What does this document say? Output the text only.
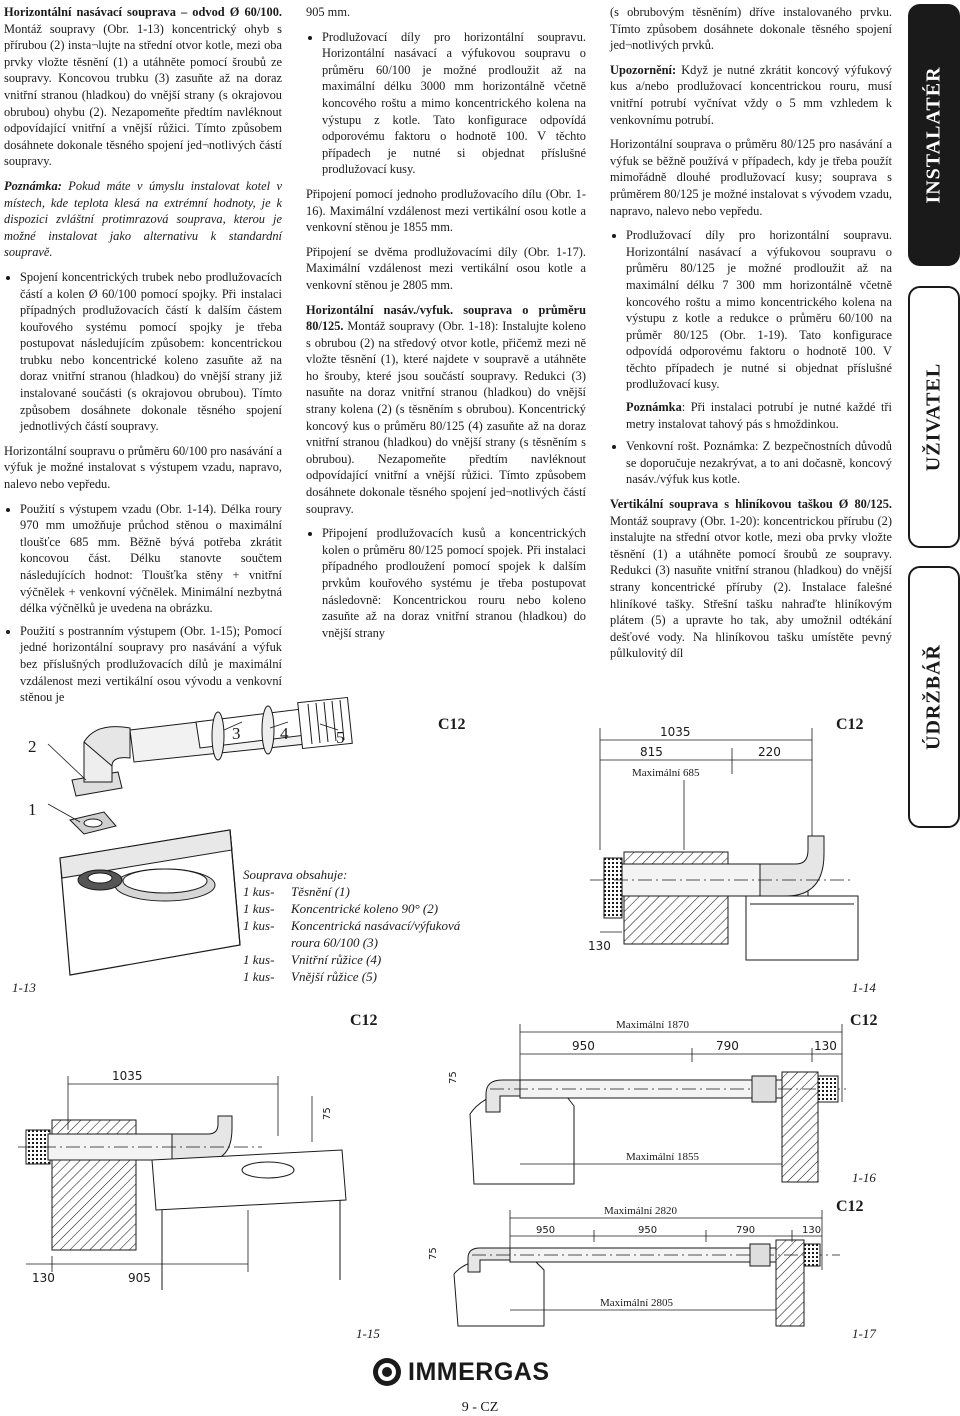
Horizontální nasávací souprava – odvod Ø 60/100. Montáž soupravy (Obr. 1-13) koncentrický ohyb s přírubou (2) insta¬lujte na střední otvor kotle, mezi oba prvky vložte těsnění (1) a utáhněte pomocí šroubů ze soupravy. Koncovou trubku (3) zasuňte až na doraz vnitřní stranou (hladkou) do vnější strany (s okrajovou obrubou) ohybu (2). Nezapomeňte předtím navléknout odpovídající vnitřní a vnější růžici. Tímto způsobem dosáhnete dokonale těsného spojení jed¬notlivých částí soupravy.

Poznámka: Pokud máte v úmyslu instalovat kotel v místech, kde teplota klesá na extrémní hodnoty, je k dispozici zvláštní protimrazová souprava, kterou je možné instalovat jako alternativu k standardní soupravě.

• Spojení koncentrických trubek nebo prodlužovacích částí a kolen Ø 60/100 pomocí spojky. Při instalaci případných prodlužovacích částí k dalším částem kouřového systému pomocí spojky je třeba postupovat následujícím způsobem: koncentrickou trubku nebo koncentrické koleno zasuňte až na doraz vnitřní stranou (hladkou) do vnější strany již instalované součásti (s okrajovou obrubou). Tímto způsobem dosáhnete dokonale těsného spojení jednotlivých částí soupravy.

Horizontální soupravu o průměru 60/100 pro nasávání a výfuk je možné instalovat s výstupem vzadu, napravo, nalevo nebo vepředu.

• Použití s výstupem vzadu (Obr. 1-14). Délka roury 970 mm umožňuje průchod stěnou o maximální tloušťce 685 mm. Běžně bývá potřeba zkrátit koncovou část. Délku stanovte součtem následujících hodnot: Tloušťka stěny + vnitřní výčnělek + venkovní výčnělek. Minimální nezbytná délka výčnělků je uvedena na obrázku.
• Použití s postranním výstupem (Obr. 1-15); Pomocí jedné horizontální soupravy pro nasávání a výfuk bez příslušných prodlužovacích dílů je maximální vzdálenost mezi vertikální osou vývodu a venkovní stěnou je

905 mm.

• Prodlužovací díly pro horizontální soupravu. Horizontální nasávací a výfukovou soupravu o průměru 60/100 je možné prodloužit až na maximální délku 3000 mm horizontálně včetně koncového roštu a mimo koncentrického kolena na výstupu z kotle. Tato konfigurace odpovídá odporovému faktoru o hodnotě 100. V těchto případech je nutné si objednat příslušné prodlužovací kusy.

Připojení pomocí jednoho prodlužovacího dílu (Obr. 1-16). Maximální vzdálenost mezi vertikální osou kotle a venkovní stěnou je 1855 mm.

Připojení se dvěma prodlužovacími díly (Obr. 1-17). Maximální vzdálenost mezi vertikální osou kotle a venkovní stěnou je 2805 mm.

Horizontální nasáv./vyfuk. souprava o průměru 80/125. Montáž soupravy (Obr. 1-18): Instalujte koleno s obrubou (2) na středový otvor kotle, přičemž mezi ně vložte těsnění (1), které najdete v soupravě a utáhněte ho šrouby, které jsou součástí soupravy. Redukci (3) nasuňte na doraz vnitřní stranou (hladkou) do vnější strany kolena (2) (s těsněním s obrubou). Koncentrický koncový kus o průměru 80/125 (4) zasuňte až na doraz vnitřní stranou (hladkou) do vnější strany (s těsněním s obrubou). Nezapomeňte předtím navléknout odpovídající vnitřní a vnější růžici. Tímto způsobem dosáhnete dokonale těsného spojení jed¬notlivých částí soupravy.

• Připojení prodlužovacích kusů a koncentrických kolen o průměru 80/125 pomocí spojek. Při instalaci případného prodloužení pomocí spojek k dalším prvkům kouřového systému je třeba postupovat následovně: Koncentrickou rouru nebo koleno zasuňte až na doraz vnitřní stranou (hladkou) do vnější strany

(s obrubovým těsněním) dříve instalovaného prvku. Tímto způsobem dosáhnete dokonale těsného spojení jed¬notlivých prvků.

Upozornění: Když je nutné zkrátit koncový výfukový kus a/nebo prodlužovací koncentrickou rouru, musí vnitřní potrubí vyčnívat vždy o 5 mm vzhledem k venkovnímu potrubí.

Horizontální souprava o průměru 80/125 pro nasávání a výfuk se běžně používá v případech, kdy je třeba použít mimořádně dlouhé prodlužovací kusy; souprava s průměrem 80/125 je možné instalovat s vývodem vzadu, napravo, nalevo nebo vepředu.

• Prodlužovací díly pro horizontální soupravu. Horizontální nasávací a výfukovou soupravu o průměru 80/125 je možné prodloužit až na maximální délku 7 300 mm horizontálně včetně koncového roštu a mimo koncentrického kolena na výstupu z kotle a redukce o průměru 60/100 na průměr 80/125 (Obr. 1-19). Tato konfigurace odpovídá odporovému faktoru o hodnotě 100. V těchto případech je nutné si objednat příslušné prodlužovací kusy.
Poznámka: Při instalaci potrubí je nutné každé tři metry instalovat tahový pás s hmoždinkou.
• Venkovní rošt. Poznámka: Z bezpečnostních důvodů se doporučuje nezakrývat, a to ani dočasně, koncový nasáv./výfuk kus kotle.

Vertikální souprava s hliníkovou taškou Ø 80/125. Montáž soupravy (Obr. 1-20): koncentrickou přírubu (2) instalujte na střední otvor kotle, mezi oba prvky vložte těsnění (1) a utáhněte pomocí šroubů ze soupravy. Redukci (3) nasuňte vnitřní stranou (hladkou) do vnější strany koncentrické příruby (2). Instalace falešné hliníkové tašky. Střešní tašku nahraďte hliníkovým plátem (5) a upravte ho tak, aby umožnil odtékání dešťové vody. Na hliníkovou tašku umístěte pevný půlkulovitý díl

INSTALATÉR
UŽIVATEL
ÚDRŽBÁŘ
2
1
3 4	5
1-13
Souprava obsahuje:
1 kus-	Těsnění (1)
1 kus-	Koncentrické koleno 90° (2)
1 kus-	Koncentrická nasávací/výfuková
roura 60/100 (3)
1 kus-	Vnitřní růžice (4)
1 kus-	Vnější růžice (5)
C12	C12
1035
815	220
Maximální 685
130
1-14
C12
1035
75
130	905
1-15
C12
Maximální 1870
950	790	130
75
Maximální 1855
1-16
C12
Maximální 2820
950	950	790	130
75
Maximální 2805
1-17
IMMERGAS
9 - CZ
